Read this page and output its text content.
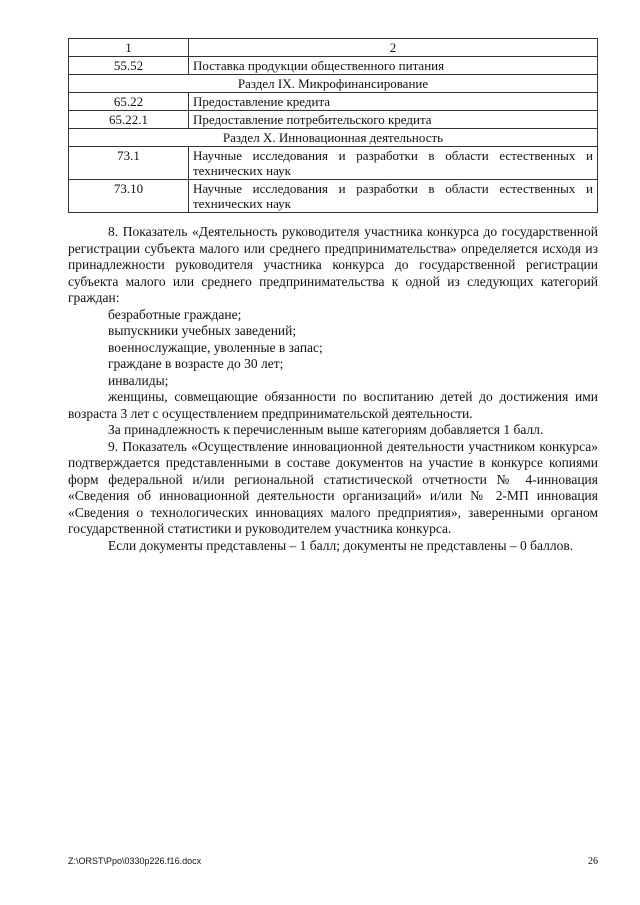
1	2
55.52	Поставка продукции общественного питания
Раздел IX. Микрофинансирование	
65.22	Предоставление кредита
65.22.1	Предоставление потребительского кредита
Раздел X. Инновационная деятельность	
73.1	Научные исследования и разработки в области естественных и технических наук
73.10	Научные исследования и разработки в области естественных и технических наук

8. Показатель «Деятельность руководителя участника конкурса до государственной регистрации субъекта малого или среднего предпринимательства» определяется исходя из принадлежности руководителя участника конкурса до государственной регистрации субъекта малого или среднего предпринимательства к одной из следующих категорий граждан:

безработные граждане;

выпускники учебных заведений;

военнослужащие, уволенные в запас;

граждане в возрасте до 30 лет;

инвалиды;

женщины, совмещающие обязанности по воспитанию детей до достижения ими возраста 3 лет с осуществлением предпринимательской деятельности.

За принадлежность к перечисленным выше категориям добавляется 1 балл.

9. Показатель «Осуществление инновационной деятельности участником конкурса» подтверждается представленными в составе документов на участие в конкурсе копиями форм федеральной и/или региональной статистической отчетности № 4-инновация «Сведения об инновационной деятельности организаций» и/или № 2-МП инновация «Сведения о технологических инновациях малого предприятия», заверенными органом государственной статистики и руководителем участника конкурса.

Если документы представлены – 1 балл; документы не представлены – 0 баллов.

Z:\ORST\Ppo\0330p226.f16.docx	26
